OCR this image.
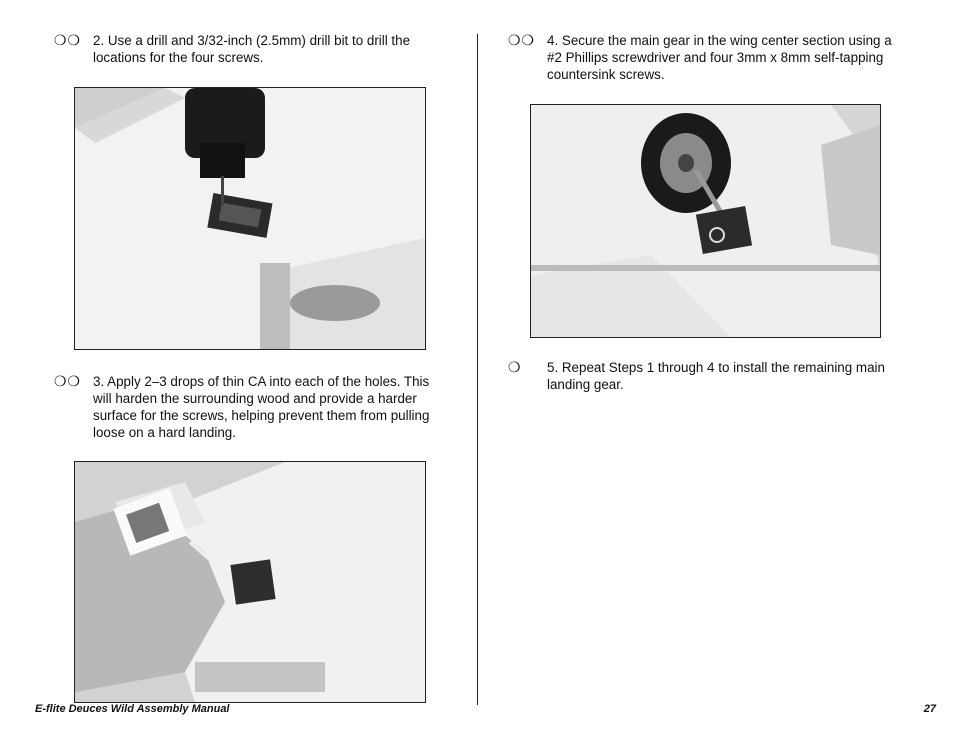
❍❍ 2. Use a drill and 3/32-inch (2.5mm) drill bit to drill the locations for the four screws.
❍❍ 3. Apply 2–3 drops of thin CA into each of the holes. This will harden the surrounding wood and provide a harder surface for the screws, helping prevent them from pulling loose on a hard landing.
❍❍ 4. Secure the main gear in the wing center section using a #2 Phillips screwdriver and four 3mm x 8mm self-tapping countersink screws.
❍ 5. Repeat Steps 1 through 4 to install the remaining main landing gear.
E-flite Deuces Wild Assembly Manual	27
